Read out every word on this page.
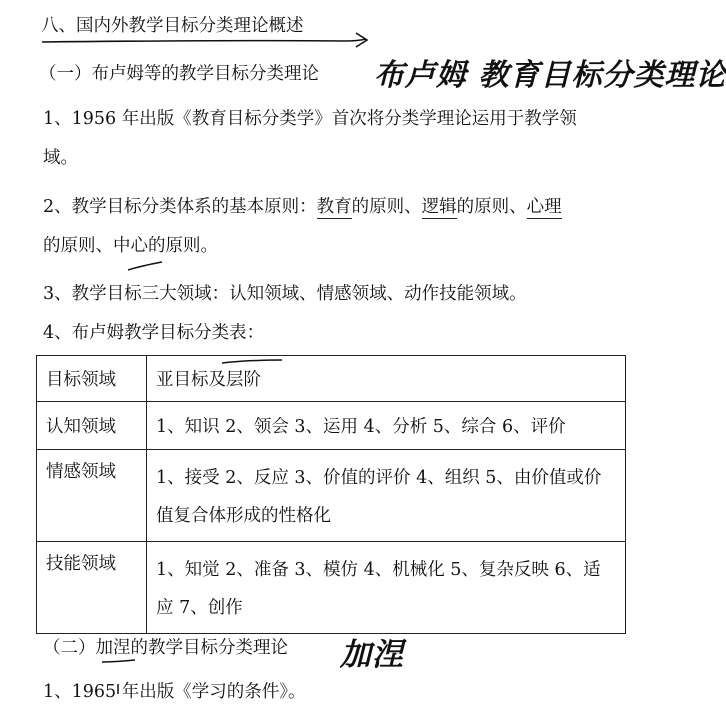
八、国内外教学目标分类理论概述
（一）布卢姆等的教学目标分类理论 布卢姆 教育目标分类理论
1、1956 年出版《教育目标分类学》首次将分类学理论运用于教学领
域。
2、教学目标分类体系的基本原则：教育的原则、逻辑的原则、心理
的原则、中心的原则。
3、教学目标三大领域：认知领域、情感领域、动作技能领域。
4、布卢姆教学目标分类表：
目标领域	亚目标及层阶
认知领域	1、知识 2、领会 3、运用 4、分析 5、综合 6、评价
情感领域	1、接受 2、反应 3、价值的评价 4、组织 5、由价值或价值复合体形成的性格化
技能领域	1、知觉 2、准备 3、模仿 4、机械化 5、复杂反映 6、适应 7、创作
（二）加涅的教学目标分类理论 加涅
1、1965 年出版《学习的条件》。
